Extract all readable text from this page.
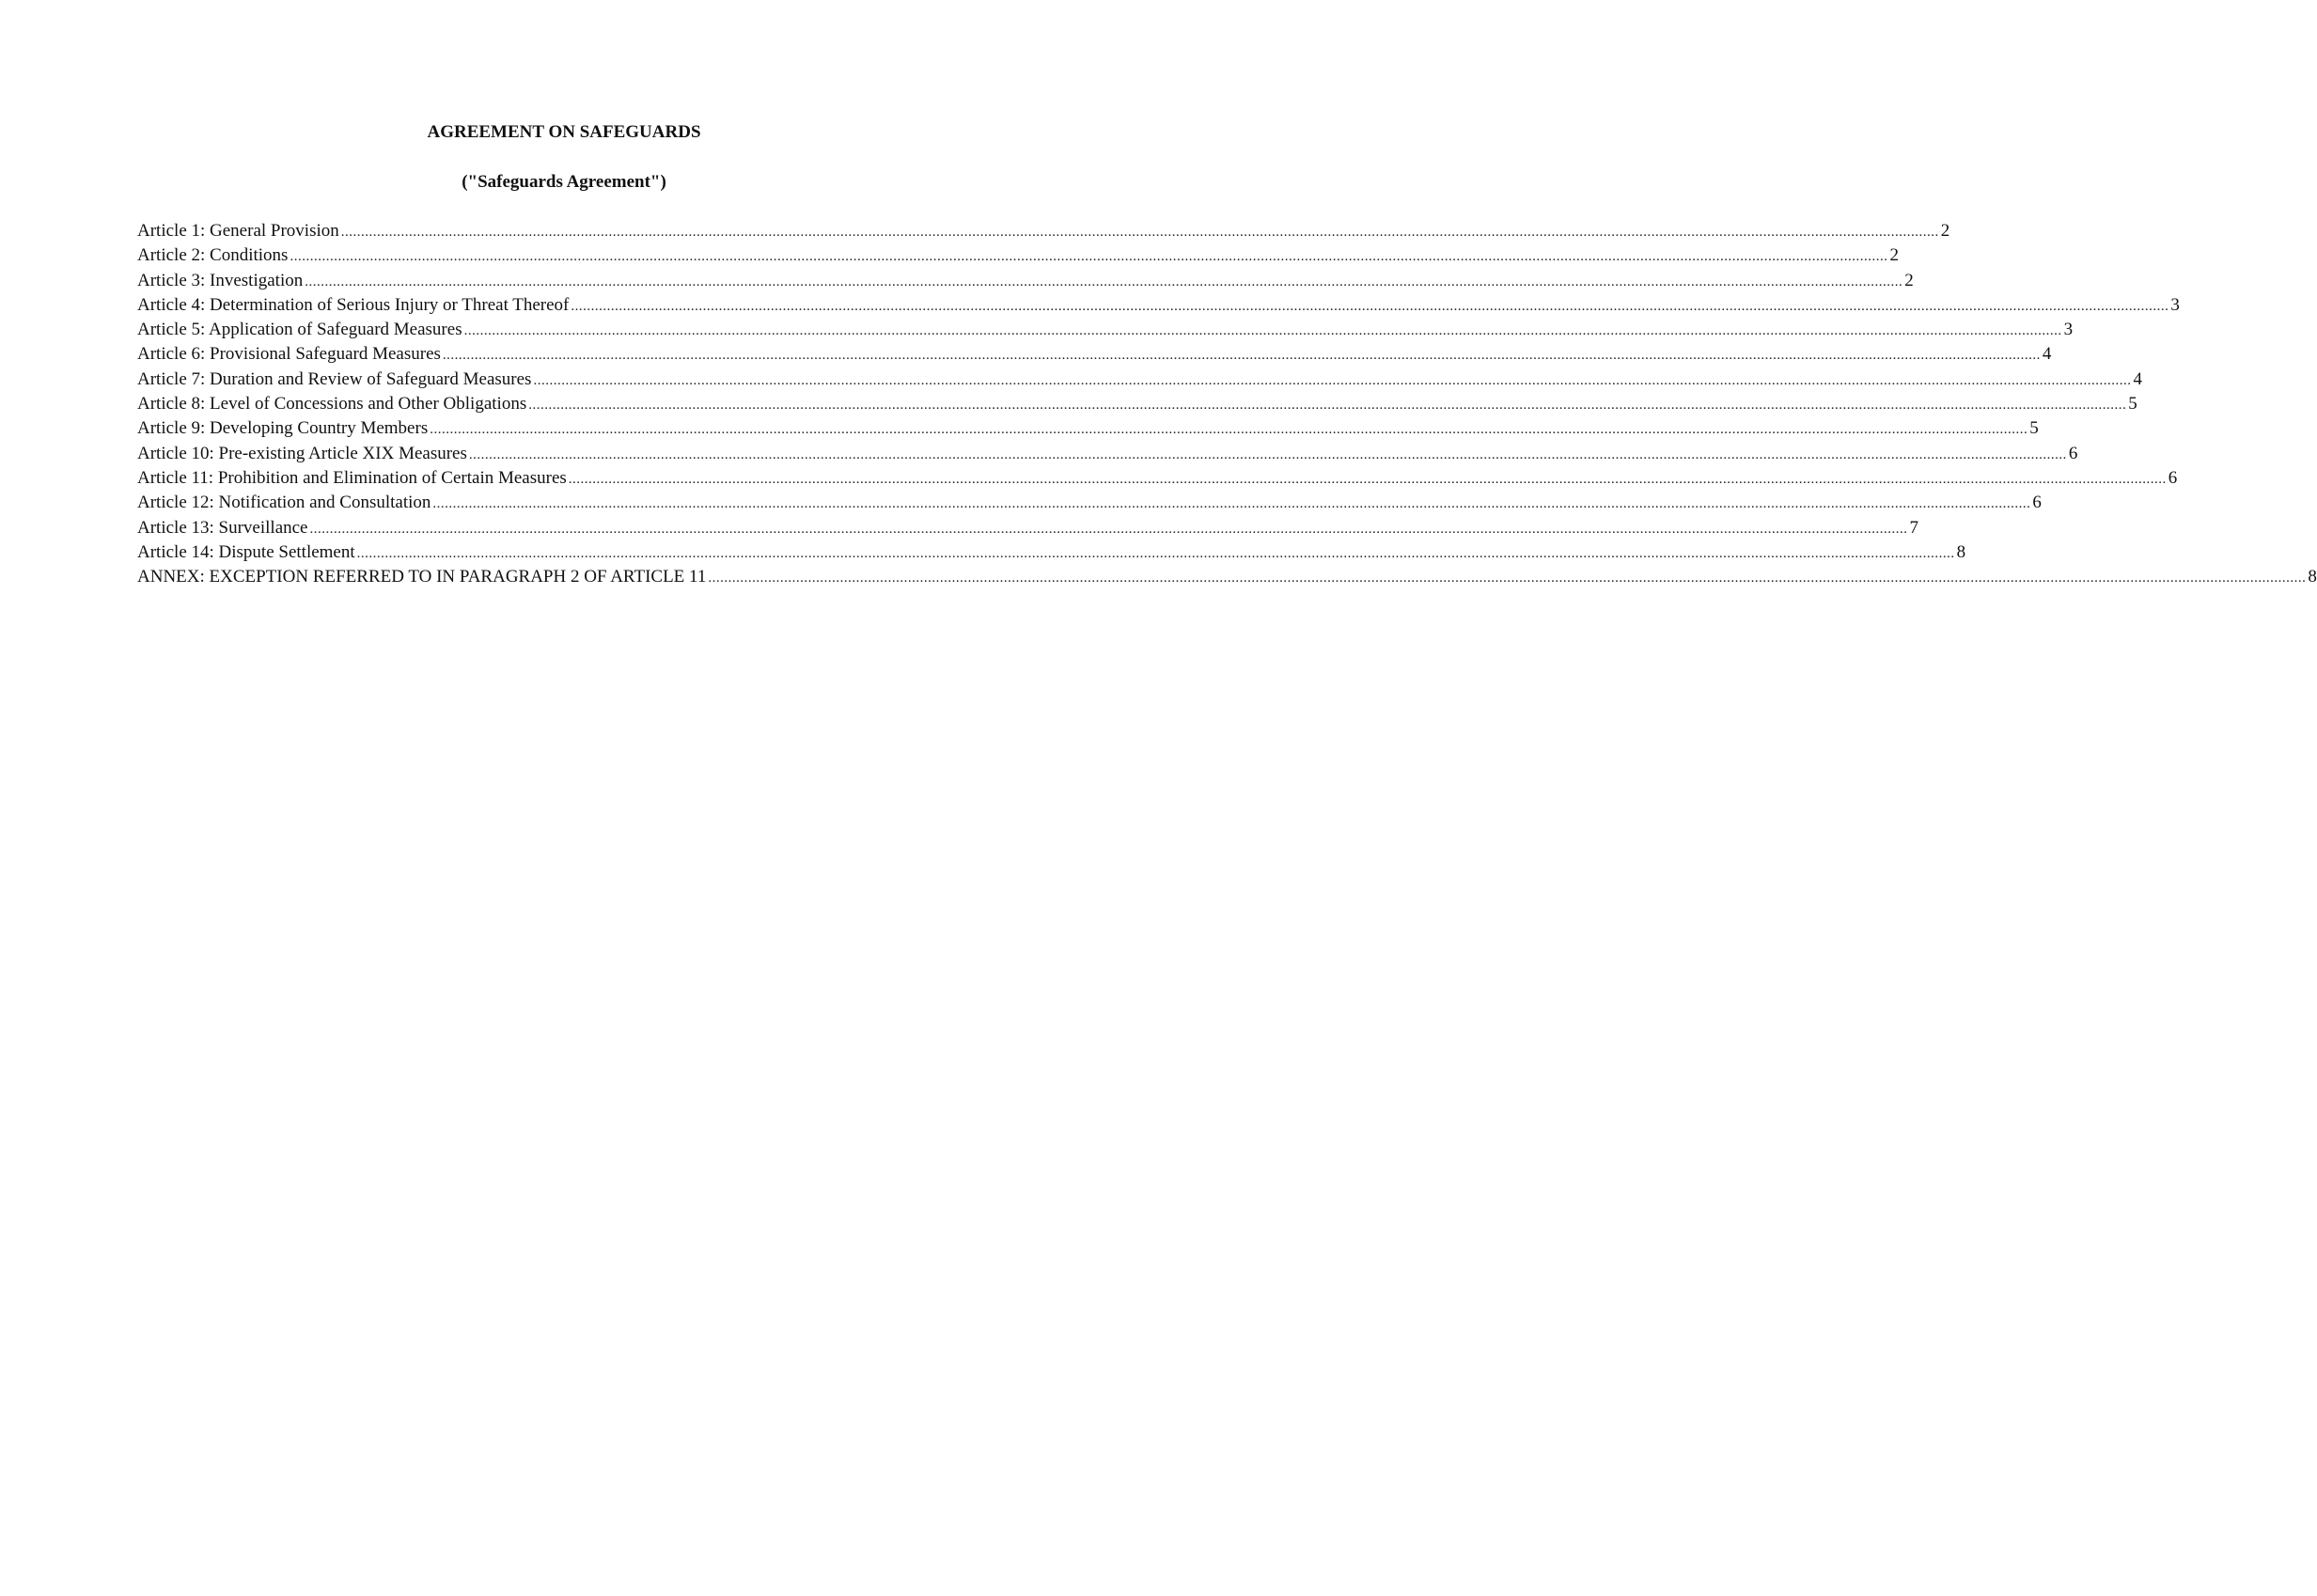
AGREEMENT ON SAFEGUARDS
("Safeguards Agreement")
Article 1: General Provision ................................................................................................................................................................................................................................................................................................................................................................................................................ 2
Article 2: Conditions ................................................................................................................................................................................................................................................................................................................................................................................................................ 2
Article 3: Investigation ................................................................................................................................................................................................................................................................................................................................................................................................................ 2
Article 4: Determination of Serious Injury or Threat Thereof ................................................................................................................................................................................................................................................................................................................................................................................................................ 3
Article 5: Application of Safeguard Measures ................................................................................................................................................................................................................................................................................................................................................................................................................ 3
Article 6: Provisional Safeguard Measures ................................................................................................................................................................................................................................................................................................................................................................................................................ 4
Article 7: Duration and Review of Safeguard Measures ................................................................................................................................................................................................................................................................................................................................................................................................................ 4
Article 8: Level of Concessions and Other Obligations ................................................................................................................................................................................................................................................................................................................................................................................................................ 5
Article 9: Developing Country Members ................................................................................................................................................................................................................................................................................................................................................................................................................ 5
Article 10: Pre-existing Article XIX Measures ................................................................................................................................................................................................................................................................................................................................................................................................................ 6
Article 11: Prohibition and Elimination of Certain Measures ................................................................................................................................................................................................................................................................................................................................................................................................................ 6
Article 12: Notification and Consultation ................................................................................................................................................................................................................................................................................................................................................................................................................ 6
Article 13: Surveillance ................................................................................................................................................................................................................................................................................................................................................................................................................ 7
Article 14: Dispute Settlement ................................................................................................................................................................................................................................................................................................................................................................................................................ 8
ANNEX: EXCEPTION REFERRED TO IN PARAGRAPH 2 OF ARTICLE 11 ................................................................................................................................................................................................................................................................................................................................................................................................................ 8
